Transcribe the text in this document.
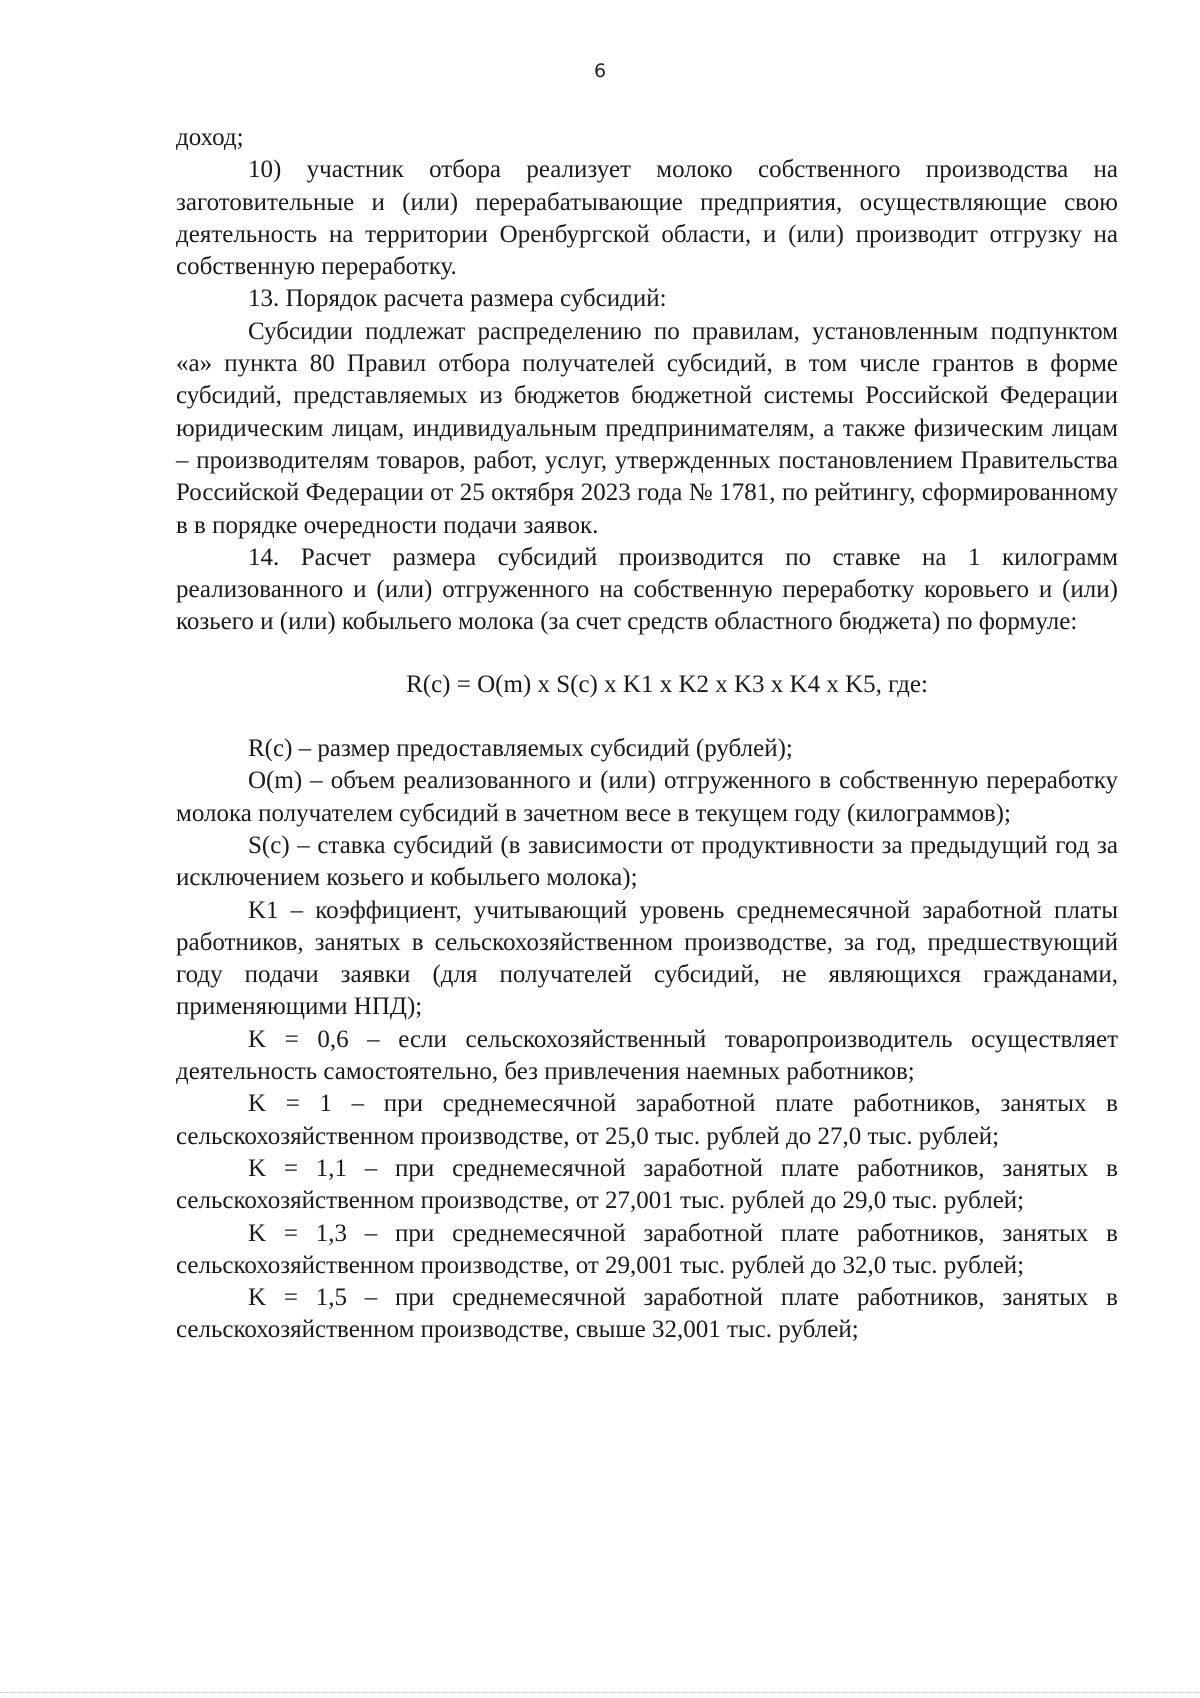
6

доход;

10) участник отбора реализует молоко собственного производства на заготовительные и (или) перерабатывающие предприятия, осуществляющие свою деятельность на территории Оренбургской области, и (или) производит отгрузку на собственную переработку.

13. Порядок расчета размера субсидий:

Субсидии подлежат распределению по правилам, установленным подпунктом «а» пункта 80 Правил отбора получателей субсидий, в том числе грантов в форме субсидий, представляемых из бюджетов бюджетной системы Российской Федерации юридическим лицам, индивидуальным предпринимателям, а также физическим лицам – производителям товаров, работ, услуг, утвержденных постановлением Правительства Российской Федерации от 25 октября 2023 года № 1781, по рейтингу, сформированному в в порядке очередности подачи заявок.

14. Расчет размера субсидий производится по ставке на 1 килограмм реализованного и (или) отгруженного на собственную переработку коровьего и (или) козьего и (или) кобыльего молока (за счет средств областного бюджета) по формуле:

R(c) = O(m) x S(c) x K1 x K2 x K3 x K4 x K5, где:

R(c) – размер предоставляемых субсидий (рублей);

O(m) – объем реализованного и (или) отгруженного в собственную переработку молока получателем субсидий в зачетном весе в текущем году (килограммов);

S(c) – ставка субсидий (в зависимости от продуктивности за предыдущий год за исключением козьего и кобыльего молока);

K1 – коэффициент, учитывающий уровень среднемесячной заработной платы работников, занятых в сельскохозяйственном производстве, за год, предшествующий году подачи заявки (для получателей субсидий, не являющихся гражданами, применяющими НПД);

K = 0,6 – если сельскохозяйственный товаропроизводитель осуществляет деятельность самостоятельно, без привлечения наемных работников;

K = 1 – при среднемесячной заработной плате работников, занятых в сельскохозяйственном производстве, от 25,0 тыс. рублей до 27,0 тыс. рублей;

K = 1,1 – при среднемесячной заработной плате работников, занятых в сельскохозяйственном производстве, от 27,001 тыс. рублей до 29,0 тыс. рублей;

K = 1,3 – при среднемесячной заработной плате работников, занятых в сельскохозяйственном производстве, от 29,001 тыс. рублей до 32,0 тыс. рублей;

K = 1,5 – при среднемесячной заработной плате работников, занятых в сельскохозяйственном производстве, свыше 32,001 тыс. рублей;
